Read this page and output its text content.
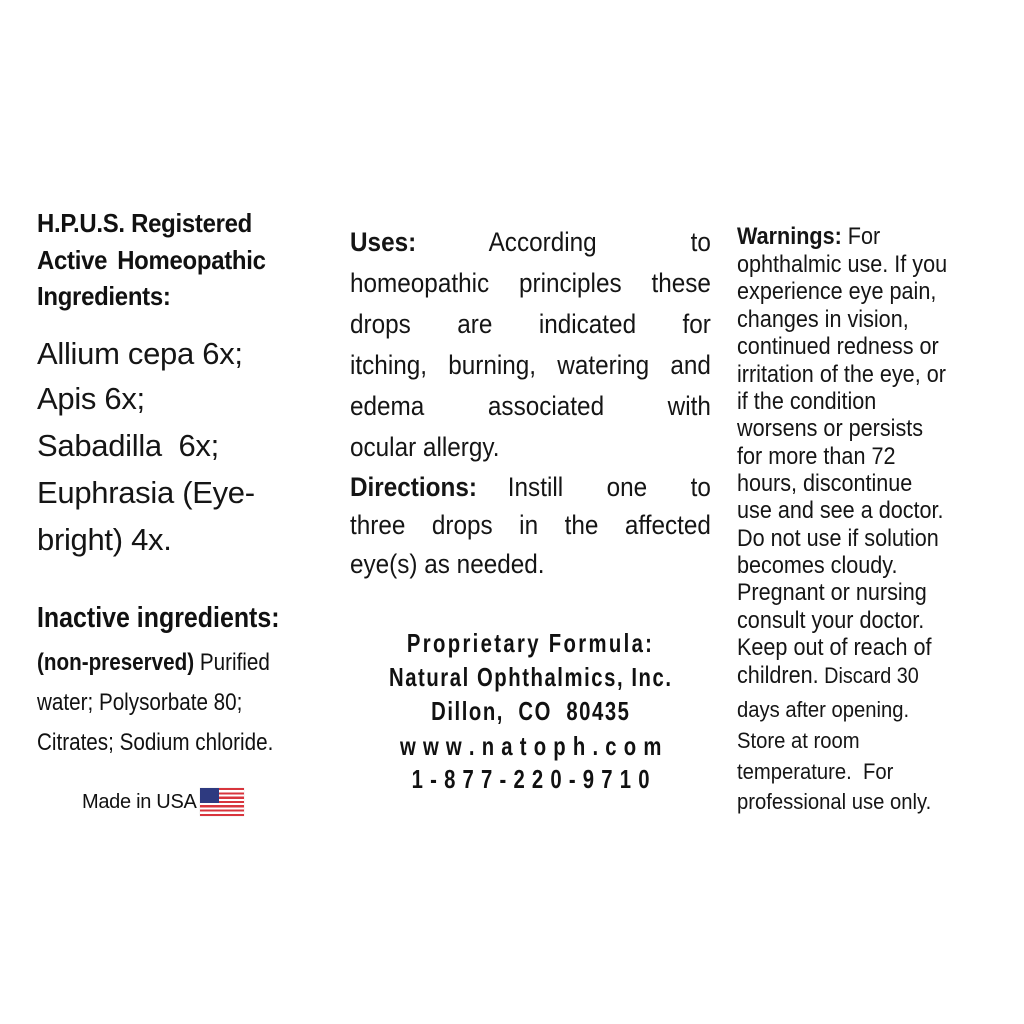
H.P.U.S. Registered
Active Homeopathic
Ingredients:
Allium cepa 6x;
Apis 6x;
Sabadilla  6x;
Euphrasia (Eye-
bright) 4x.
Inactive ingredients:
(non-preserved) Purified
water; Polysorbate 80;
Citrates; Sodium chloride.
Made in USA
Uses:	According to
homeopathic principles these
drops are indicated for
itching, burning, watering and
edema associated with
ocular allergy.
Directions: Instill one to
three drops in the affected
eye(s) as needed.
Proprietary Formula:
Natural Ophthalmics, Inc.
Dillon,  CO  80435
w w w . n a t o p h . c o m
1 - 8 7 7 - 2 2 0 - 9 7 1 0
Warnings: For
ophthalmic use. If you
experience eye pain,
changes in vision,
continued redness or
irritation of the eye, or
if the condition
worsens or persists
for more than 72
hours, discontinue
use and see a doctor.
Do not use if solution
becomes cloudy.
Pregnant or nursing
consult your doctor.
Keep out of reach of
children. Discard 30
days after opening.
Store at room
temperature.  For
professional use only.
